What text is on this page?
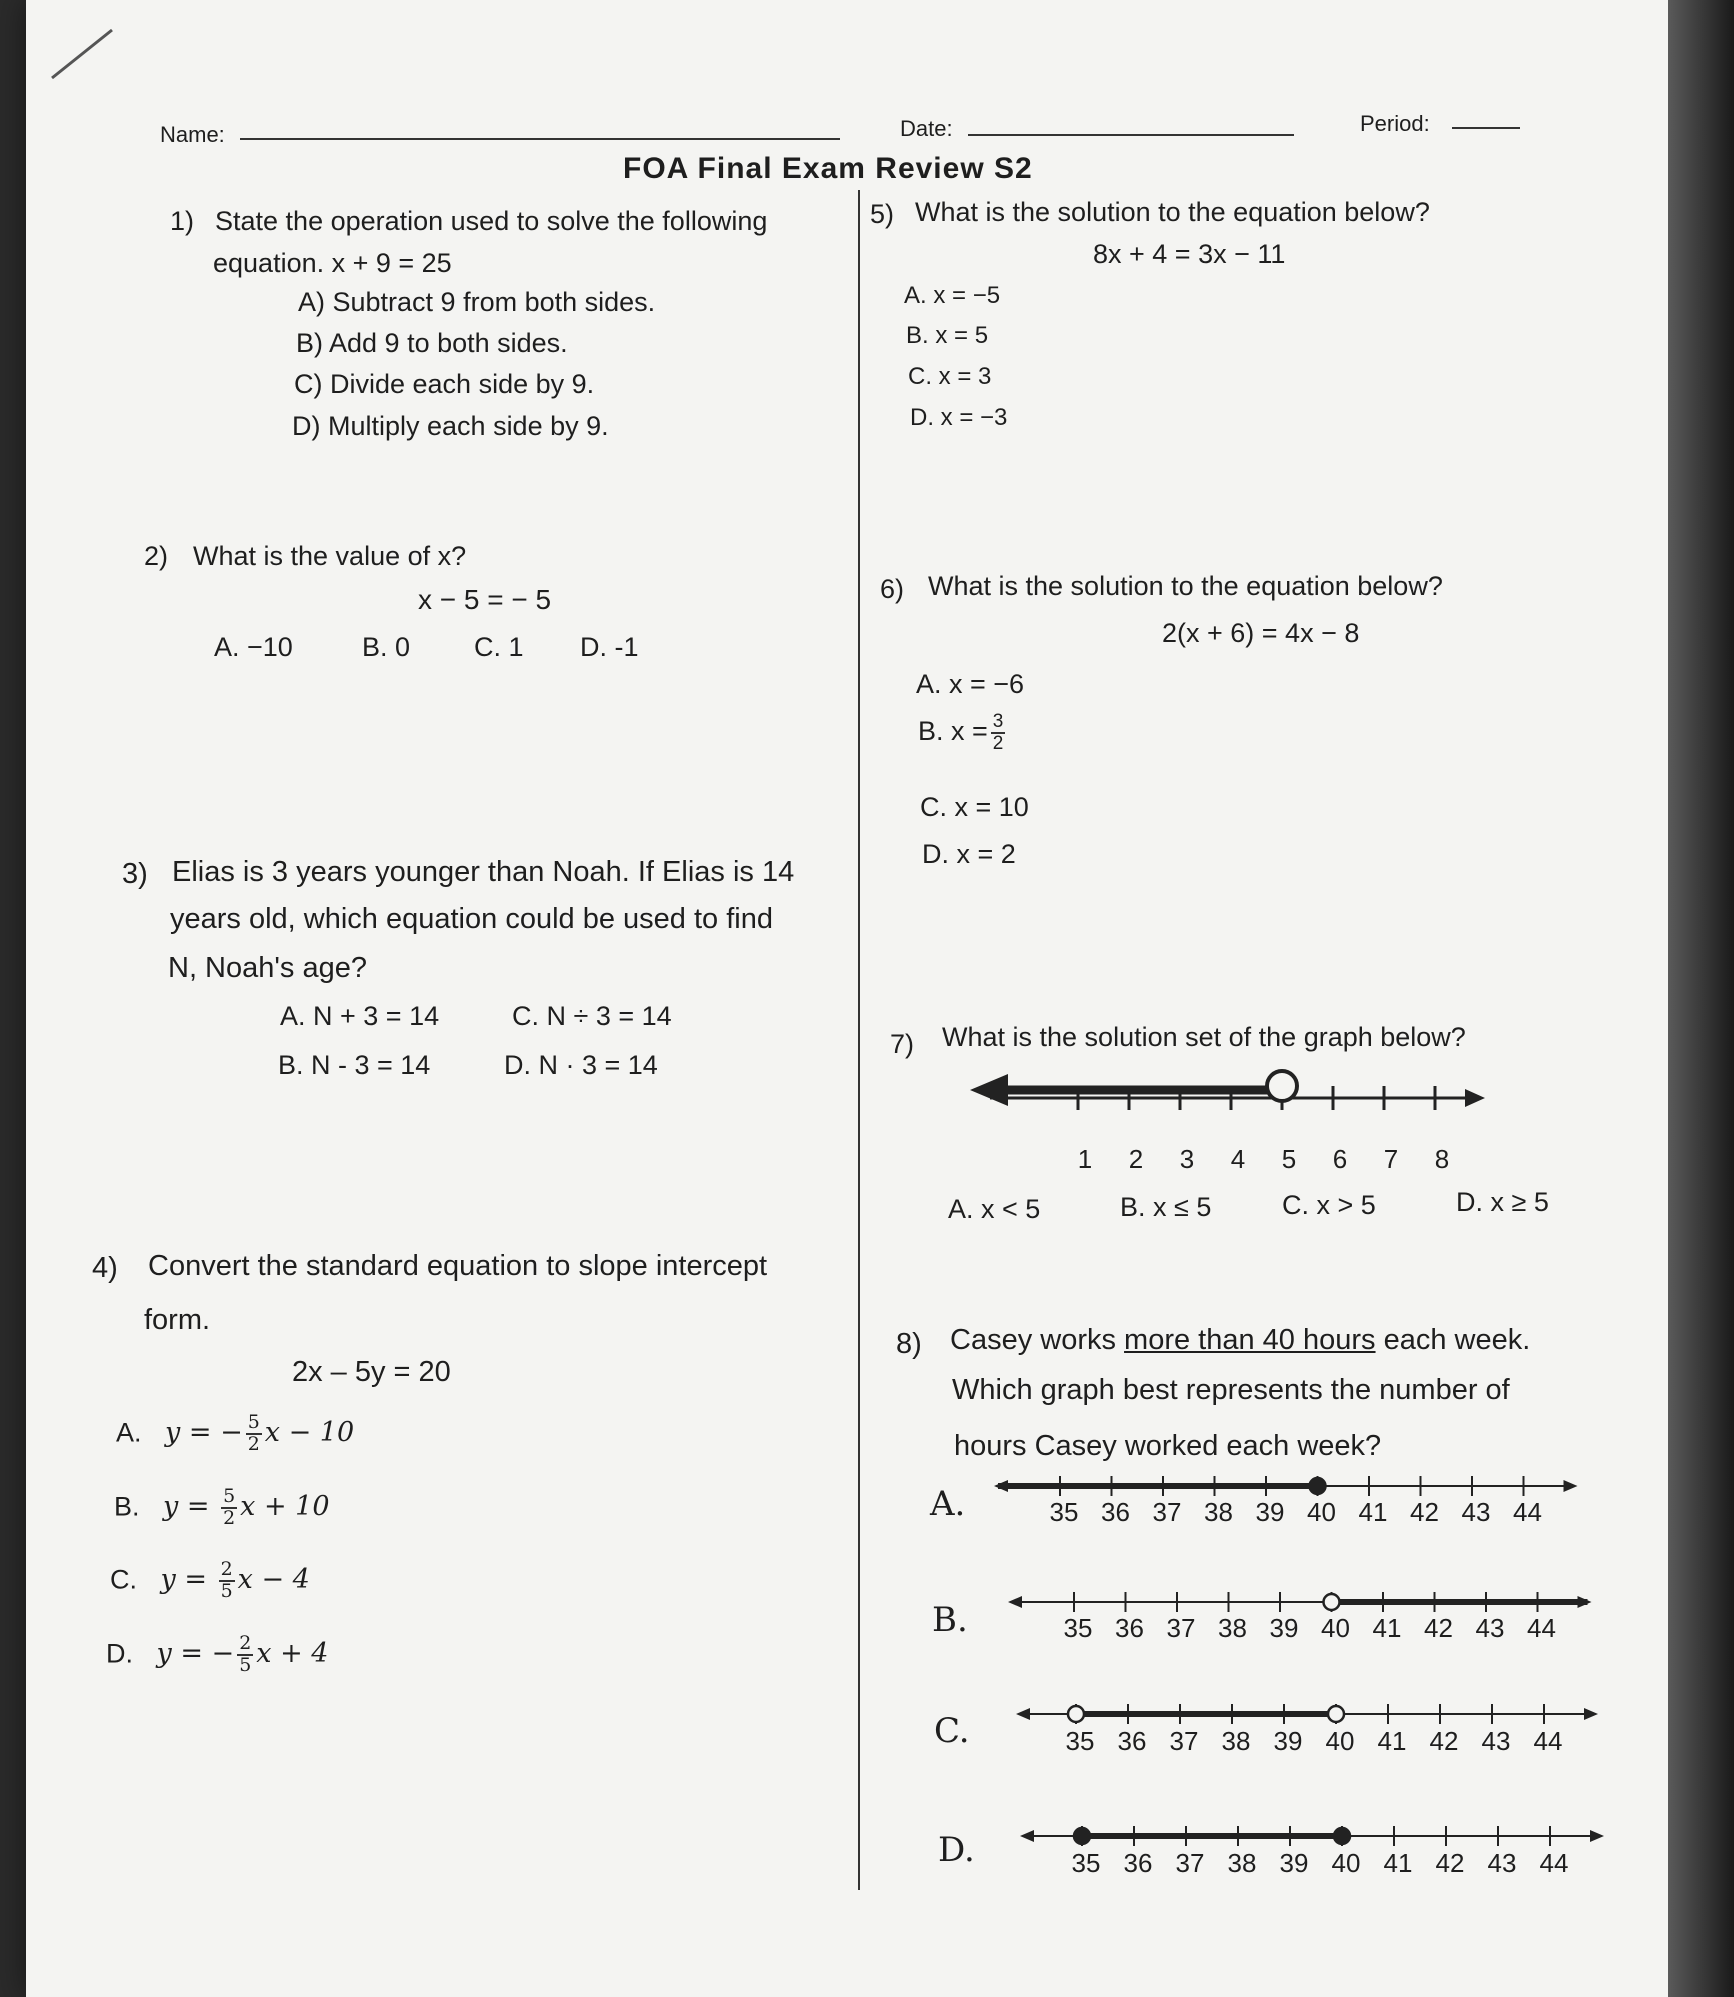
Name:	Date:	Period:
FOA Final Exam Review S2
1) State the operation used to solve the following
equation. x + 9 = 25
A) Subtract 9 from both sides.
B) Add 9 to both sides.
C) Divide each side by 9.
D) Multiply each side by 9.
2) What is the value of x?
x − 5 = − 5
A. −10	B. 0 C. 1 D. -1
3) Elias is 3 years younger than Noah. If Elias is 14
years old, which equation could be used to find
N, Noah's age?
A. N + 3 = 14	C. N ÷ 3 = 14
B. N - 3 = 14	D. N · 3 = 14
4) Convert the standard equation to slope intercept
form.
2x – 5y = 20
A. y = − $\frac{5}{2}$ x − 10
B. $y = \frac{5}{2}$ x + 10
C. $y = \frac{2}{5}$ x − 4
D. y = − $\frac{2}{5}$ x + 4
5) What is the solution to the equation below?
8x + 4 = 3x − 11
A. x = −5
B. x = 5
C. x = 3
D. x = −3
6) What is the solution to the equation below?
2(x + 6) = 4x − 8
A. x = −6
B. $x = \frac{3}{2}$
C. x = 10
D. x = 2
7) What is the solution set of the graph below?
1 2 3 4 5 6 7 8
A. x < 5	B. x ≤ 5	C. x > 5	D. x ≥ 5
8) Casey works more than 40 hours each week.
Which graph best represents the number of
hours Casey worked each week?
A.
B.
C.
D.
35 36 37 38 39 40 41 42 43 44
35 36 37 38 39 40 41 42 43 44
35 36 37 38 39 40 41 42 43 44
35 36 37 38 39 40 41 42 43 44
